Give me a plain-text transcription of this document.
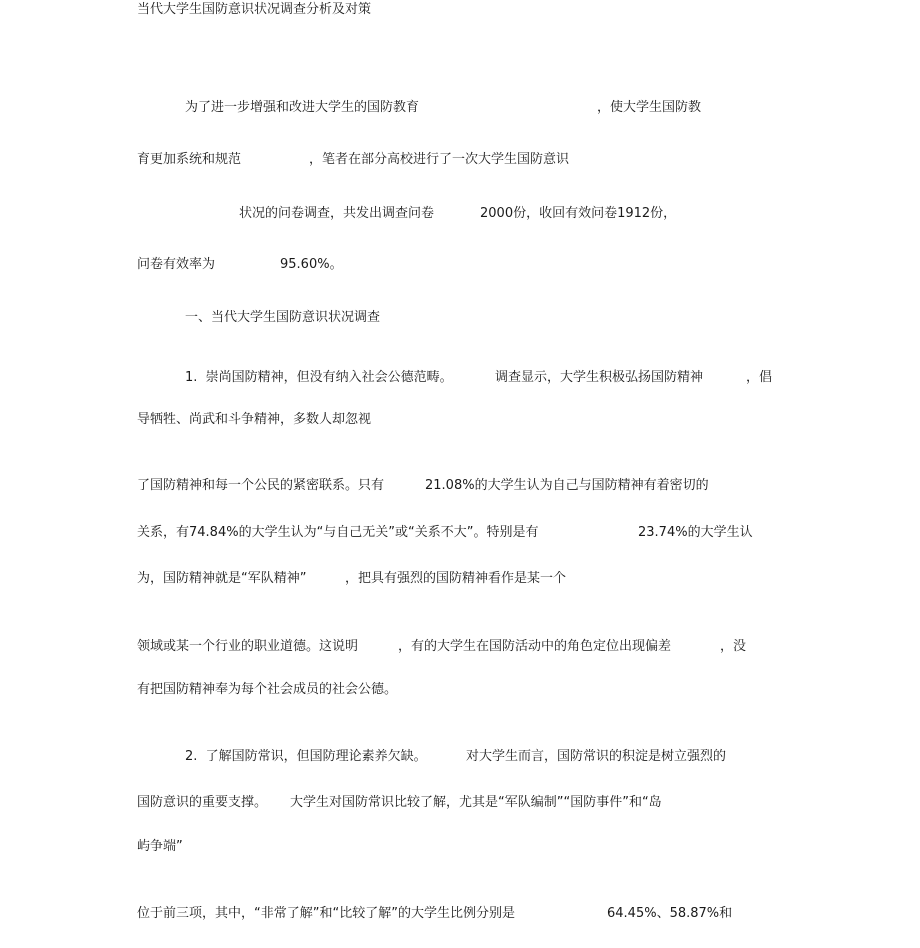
当代大学生国防意识状况调查分析及对策
为了进一步增强和改进大学生的国防教育	，使大学生国防教
育更加系统和规范	，笔者在部分高校进行了一次大学生国防意识
状况的问卷调查，共发出调查问卷	2000份，收回有效问卷1912份，
问卷有效率为	95.60%。
一、当代大学生国防意识状况调查
1.  崇尚国防精神，但没有纳入社会公德范畴。	调查显示，大学生积极弘扬国防精神	，倡
导牺牲、尚武和斗争精神，多数人却忽视
了国防精神和每一个公民的紧密联系。只有	21.08%的大学生认为自己与国防精神有着密切的
关系，有74.84%的大学生认为“与自己无关”或“关系不大”。特别是有	23.74%的大学生认
为，国防精神就是“军队精神”	，把具有强烈的国防精神看作是某一个
领域或某一个行业的职业道德。这说明	，有的大学生在国防活动中的角色定位出现偏差	，没
有把国防精神奉为每个社会成员的社会公德。
2.  了解国防常识，但国防理论素养欠缺。	对大学生而言，国防常识的积淀是树立强烈的
国防意识的重要支撑。 大学生对国防常识比较了解，尤其是“军队编制”“国防事件”和“岛
屿争端”
位于前三项，其中，“非常了解”和“比较了解”的大学生比例分别是	64.45%、58.87%和
